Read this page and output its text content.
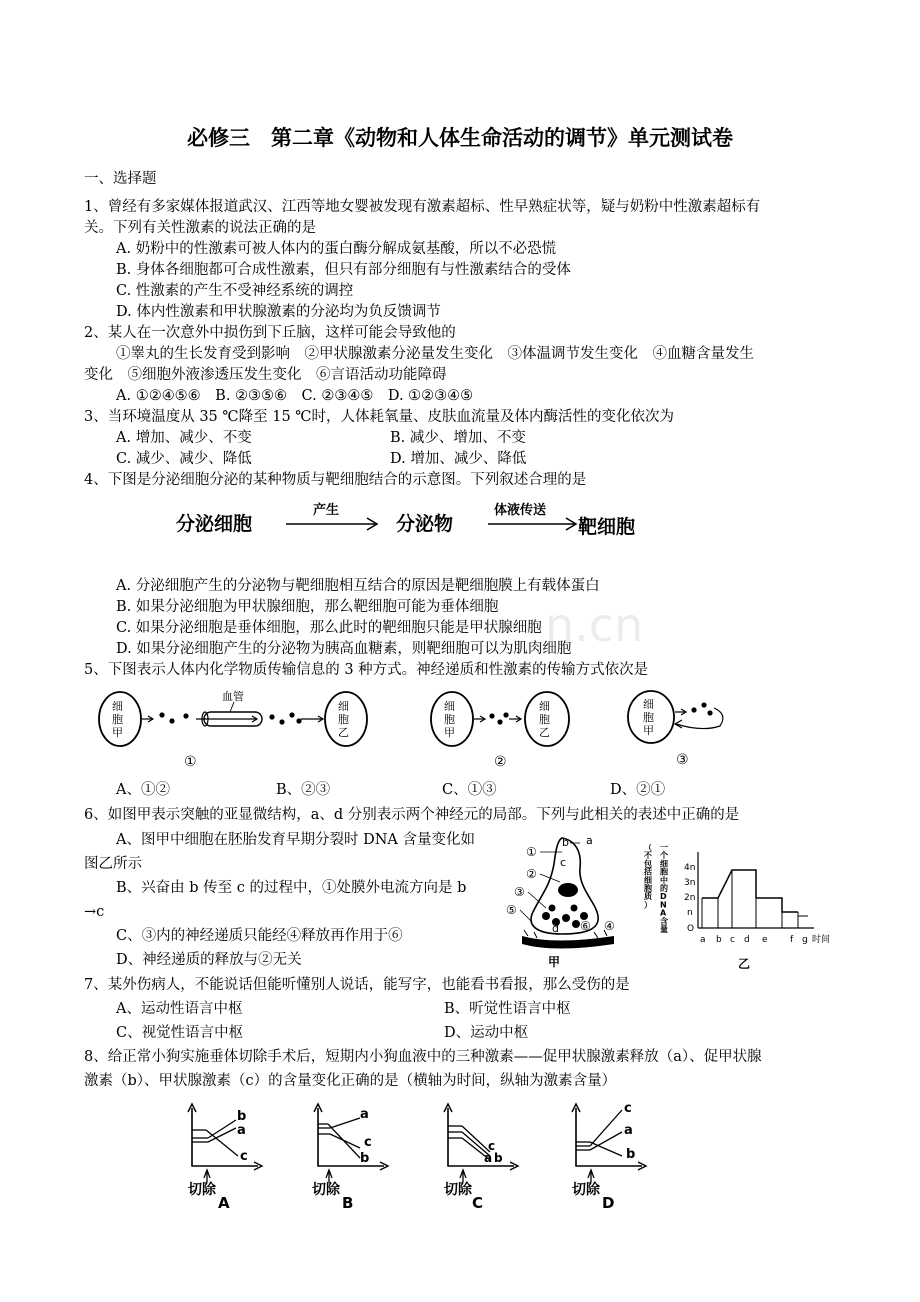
n.cn
必修三　第二章《动物和人体生命活动的调节》单元测试卷
一、选择题
1、曾经有多家媒体报道武汉、江西等地女婴被发现有激素超标、性早熟症状等，疑与奶粉中性激素超标有
关。下列有关性激素的说法正确的是
A. 奶粉中的性激素可被人体内的蛋白酶分解成氨基酸，所以不必恐慌
B. 身体各细胞都可合成性激素，但只有部分细胞有与性激素结合的受体
C. 性激素的产生不受神经系统的调控
D. 体内性激素和甲状腺激素的分泌均为负反馈调节
2、某人在一次意外中损伤到下丘脑，这样可能会导致他的
①睾丸的生长发育受到影响　②甲状腺激素分泌量发生变化　③体温调节发生变化　④血糖含量发生
变化　⑤细胞外液渗透压发生变化　⑥言语活动功能障碍
A. ①②④⑤⑥　B. ②③⑤⑥　C. ②③④⑤　D. ①②③④⑤
3、当环境温度从 35 ℃降至 15 ℃时，人体耗氧量、皮肤血流量及体内酶活性的变化依次为
A. 增加、减少、不变	B. 减少、增加、不变
C. 减少、减少、降低	D. 增加、减少、降低
4、下图是分泌细胞分泌的某种物质与靶细胞结合的示意图。下列叙述合理的是
分泌细胞
产生
分泌物
体液传送
靶细胞
A. 分泌细胞产生的分泌物与靶细胞相互结合的原因是靶细胞膜上有载体蛋白
B. 如果分泌细胞为甲状腺细胞，那么靶细胞可能为垂体细胞
C. 如果分泌细胞是垂体细胞，那么此时的靶细胞只能是甲状腺细胞
D. 如果分泌细胞产生的分泌物为胰高血糖素，则靶细胞可以为肌肉细胞
5、下图表示人体内化学物质传输信息的 3 种方式。神经递质和性激素的传输方式依次是
细
胞
甲
血管
细
胞
乙
①
细
胞
甲
细
胞
乙
②
细
胞
甲
③
A、①②	B、②③	C、①③	D、②①
6、如图甲表示突触的亚显微结构，a、d 分别表示两个神经元的局部。下列与此相关的表述中正确的是
A、图甲中细胞在胚胎发育早期分裂时 DNA 含量变化如
图乙所示
B、兴奋由 b 传至 c 的过程中，①处膜外电流方向是 b
→c
C、③内的神经递质只能经④释放再作用于⑥
D、神经递质的释放与②无关
b a
c
①
②
③
⑤
④
⑥
d
甲
一
个
细
胞
中
的
D
N
A
含
量
（
不
包
括
细
胞
质
）
4n
3n
2n
n
O
a b c d e f g 时间
乙
7、某外伤病人，不能说话但能听懂别人说话，能写字，也能看书看报，那么受伤的是
A、运动性语言中枢	B、听觉性语言中枢
C、视觉性语言中枢	D、运动中枢
8、给正常小狗实施垂体切除手术后，短期内小狗血液中的三种激素——促甲状腺激素释放（a）、促甲状腺
激素（b）、甲状腺激素（c）的含量变化正确的是（横轴为时间，纵轴为激素含量）
b
a
c
切除
A
a
c
b
切除
B
c
a b
切除
C
c
a
b
切除
D
